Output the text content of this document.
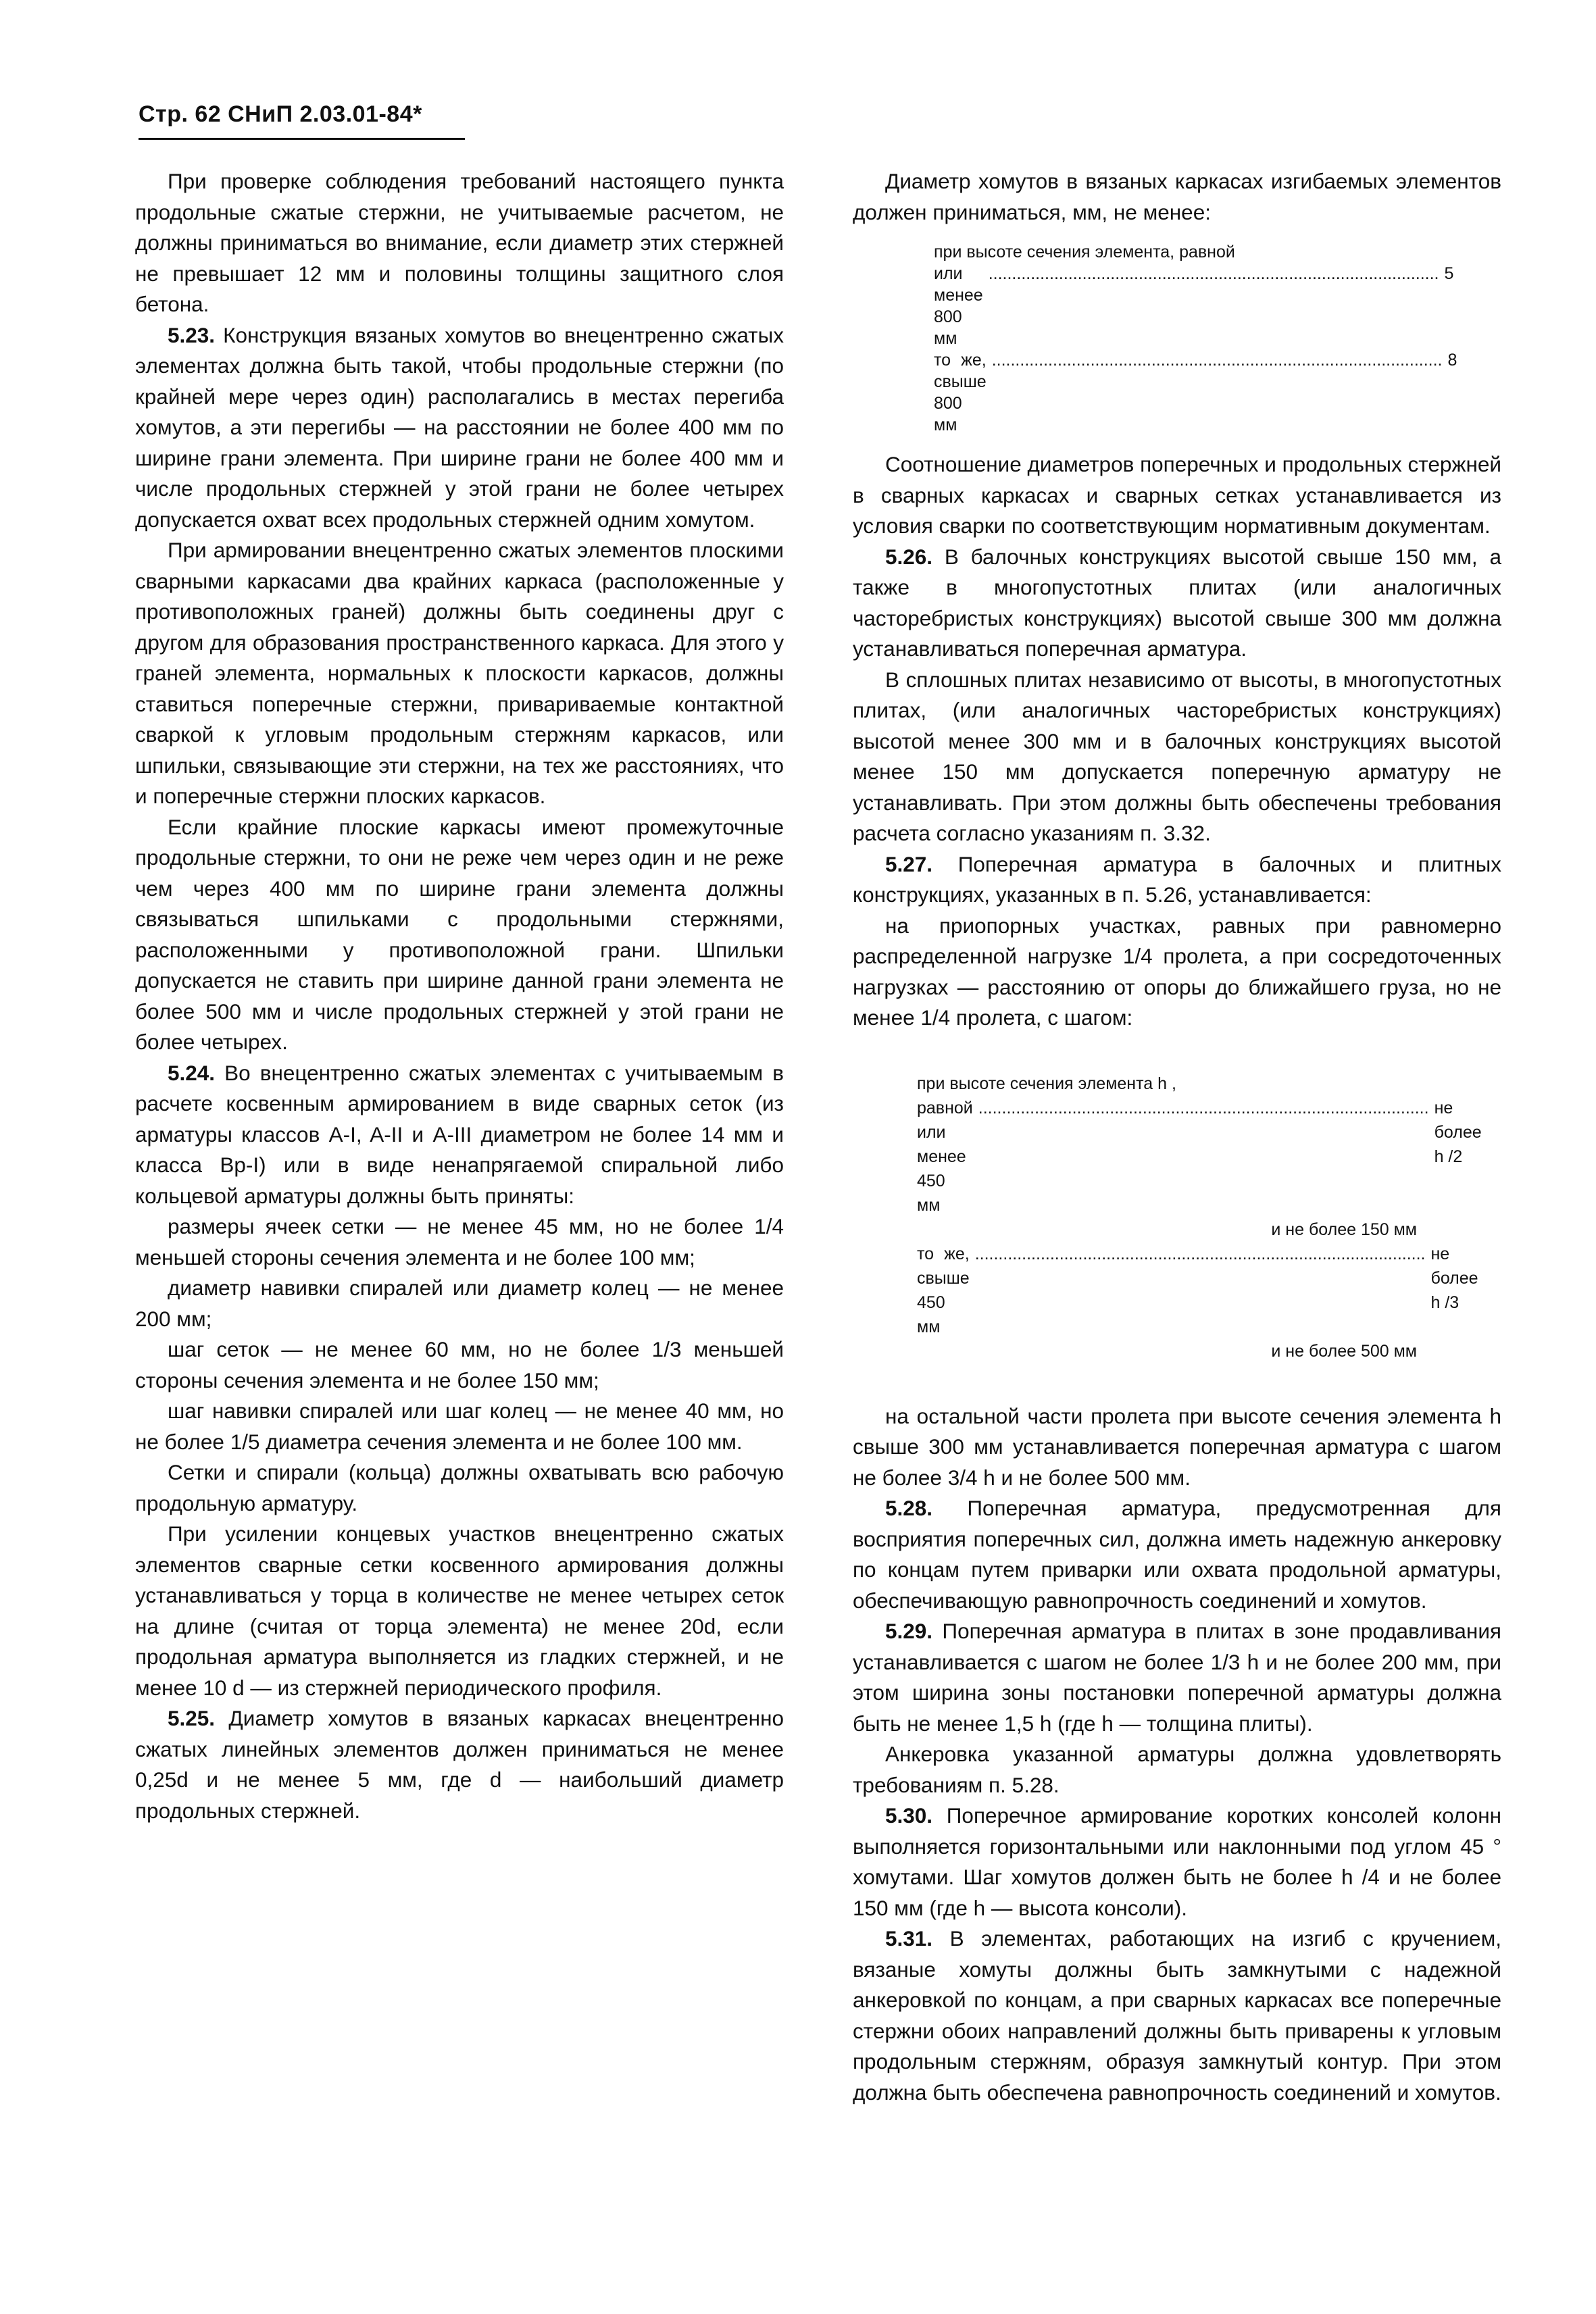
Стр. 62 СНиП 2.03.01-84*

При проверке соблюдения требований настоящего пункта продольные сжатые стержни, не учитываемые расчетом, не должны приниматься во внимание, если диаметр этих стержней не превышает 12 мм и половины толщины защитного слоя бетона.

5.23. Конструкция вязаных хомутов во внецентренно сжатых элементах должна быть такой, чтобы продольные стержни (по крайней мере через один) располагались в местах перегиба хомутов, а эти перегибы — на расстоянии не более 400 мм по ширине грани элемента. При ширине грани не более 400 мм и числе продольных стержней у этой грани не более четырех допускается охват всех продольных стержней одним хомутом.

При армировании внецентренно сжатых элементов плоскими сварными каркасами два крайних каркаса (расположенные у противоположных граней) должны быть соединены друг с другом для образования пространственного каркаса. Для этого у граней элемента, нормальных к плоскости каркасов, должны ставиться поперечные стержни, привариваемые контактной сваркой к угловым продольным стержням каркасов, или шпильки, связывающие эти стержни, на тех же расстояниях, что и поперечные стержни плоских каркасов.

Если крайние плоские каркасы имеют промежуточные продольные стержни, то они не реже чем через один и не реже чем через 400 мм по ширине грани элемента должны связываться шпильками с продольными стержнями, расположенными у противоположной грани. Шпильки допускается не ставить при ширине данной грани элемента не более 500 мм и числе продольных стержней у этой грани не более четырех.

5.24. Во внецентренно сжатых элементах с учитываемым в расчете косвенным армированием в виде сварных сеток (из арматуры классов A-I, A-II и A-III диаметром не более 14 мм и класса Bp-I) или в виде ненапрягаемой спиральной либо кольцевой арматуры должны быть приняты:

размеры ячеек сетки — не менее 45 мм, но не более 1/4 меньшей стороны сечения элемента и не более 100 мм;

диаметр навивки спиралей или диаметр колец — не менее 200 мм;

шаг сеток — не менее 60 мм, но не более 1/3 меньшей стороны сечения элемента и не более 150 мм;

шаг навивки спиралей или шаг колец — не менее 40 мм, но не более 1/5 диаметра сечения элемента и не более 100 мм.

Сетки и спирали (кольца) должны охватывать всю рабочую продольную арматуру.

При усилении концевых участков внецентренно сжатых элементов сварные сетки косвенного армирования должны устанавливаться у торца в количестве не менее четырех сеток на длине (считая от торца элемента) не менее 20d, если продольная арматура выполняется из гладких стержней, и не менее 10 d — из стержней периодического профиля.

5.25. Диаметр хомутов в вязаных каркасах внецентренно сжатых линейных элементов должен приниматься не менее 0,25d и не менее 5 мм, где d — наибольший диаметр продольных стержней.

Диаметр хомутов в вязаных каркасах изгибаемых элементов должен приниматься, мм, не менее:

при высоте сечения элемента, равной
или менее 800 мм
................................................................................................ 5
то же, свыше 800 мм
................................................................................................ 8

Соотношение диаметров поперечных и продольных стержней в сварных каркасах и сварных сетках устанавливается из условия сварки по соответствующим нормативным документам.

5.26. В балочных конструкциях высотой свыше 150 мм, а также в многопустотных плитах (или аналогичных часторебристых конструкциях) высотой свыше 300 мм должна устанавливаться поперечная арматура.

В сплошных плитах независимо от высоты, в многопустотных плитах, (или аналогичных часторебристых конструкциях) высотой менее 300 мм и в балочных конструкциях высотой менее 150 мм допускается поперечную арматуру не устанавливать. При этом должны быть обеспечены требования расчета согласно указаниям п. 3.32.

5.27. Поперечная арматура в балочных и плитных конструкциях, указанных в п. 5.26, устанавливается:

на приопорных участках, равных при равномерно распределенной нагрузке 1/4 пролета, а при сосредоточенных нагрузках — расстоянию от опоры до ближайшего груза, но не менее 1/4 пролета, с шагом:

при высоте сечения элемента h ,
равной или менее 450 мм
................................................................................................ не более h /2
и не более 150 мм
то же, свыше 450 мм
................................................................................................ не более h /3
и не более 500 мм

на остальной части пролета при высоте сечения элемента h свыше 300 мм устанавливается поперечная арматура с шагом не более 3/4 h и не более 500 мм.

5.28. Поперечная арматура, предусмотренная для восприятия поперечных сил, должна иметь надежную анкеровку по концам путем приварки или охвата продольной арматуры, обеспечивающую равнопрочность соединений и хомутов.

5.29. Поперечная арматура в плитах в зоне продавливания устанавливается с шагом не более 1/3 h и не более 200 мм, при этом ширина зоны постановки поперечной арматуры должна быть не менее 1,5 h (где h — толщина плиты).

Анкеровка указанной арматуры должна удовлетворять требованиям п. 5.28.

5.30. Поперечное армирование коротких консолей колонн выполняется горизонтальными или наклонными под углом 45 ° хомутами. Шаг хомутов должен быть не более h /4 и не более 150 мм (где h — высота консоли).

5.31. В элементах, работающих на изгиб с кручением, вязаные хомуты должны быть замкнутыми с надежной анкеровкой по концам, а при сварных каркасах все поперечные стержни обоих направлений должны быть приварены к угловым продольным стержням, образуя замкнутый контур. При этом должна быть обеспечена равнопрочность соединений и хомутов.
